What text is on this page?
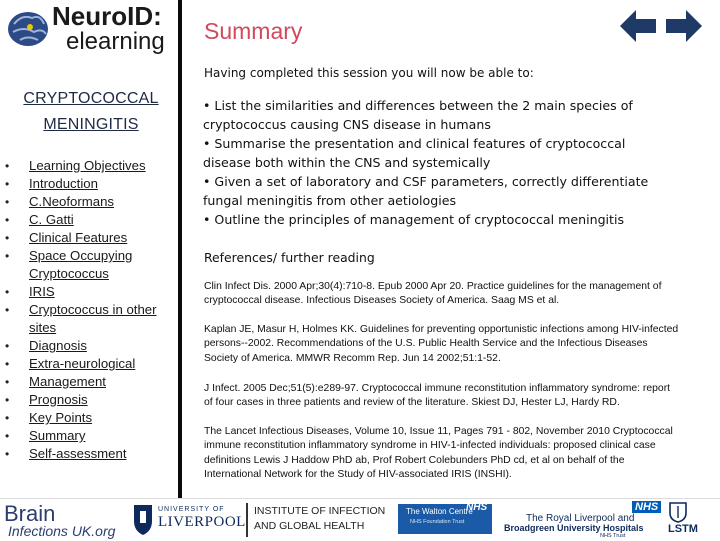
NeuroID:
elearning
CRYPTOCOCCAL
MENINGITIS
• Learning Objectives
• Introduction
• C.Neoformans
• C. Gatti
• Clinical Features
• Space Occupying Cryptococcus
• IRIS
• Cryptococcus in other sites
• Diagnosis
• Extra-neurological
• Management
• Prognosis
• Key Points
• Summary
• Self-assessment
Summary
Having completed this session you will now be able to:
• List the similarities and differences between the 2 main species of cryptococcus causing CNS disease in humans
• Summarise the presentation and clinical features of cryptococcal disease both within the CNS and systemically
• Given a set of laboratory and CSF parameters, correctly differentiate fungal meningitis from other aetiologies
• Outline the principles of management of cryptococcal meningitis
References/ further reading
Clin Infect Dis. 2000 Apr;30(4):710-8. Epub 2000 Apr 20. Practice guidelines for the management of cryptococcal disease. Infectious Diseases Society of America. Saag MS et al.
Kaplan JE, Masur H, Holmes KK. Guidelines for preventing opportunistic infections among HIV-infected persons--2002. Recommendations of the U.S. Public Health Service and the Infectious Diseases Society of America. MMWR Recomm Rep. Jun 14 2002;51:1-52.
J Infect. 2005 Dec;51(5):e289-97. Cryptococcal immune reconstitution inflammatory syndrome: report of four cases in three patients and review of the literature. Skiest DJ, Hester LJ, Hardy RD.
The Lancet Infectious Diseases, Volume 10, Issue 11, Pages 791 - 802, November 2010 Cryptococcal immune reconstitution inflammatory syndrome in HIV-1-infected individuals: proposed clinical case definitions Lewis J Haddow PhD ab, Prof Robert Colebunders PhD cd, et al on behalf of the International Network for the Study of HIV-associated IRIS (INSHI).
Brain
Infections UK.org
UNIVERSITY OF
LIVERPOOL
INSTITUTE OF INFECTION
AND GLOBAL HEALTH
The Walton Centre
NHS Foundation Trust
NHS	NHS
The Royal Liverpool and
Broadgreen University Hospitals
NHS Trust
LSTM
